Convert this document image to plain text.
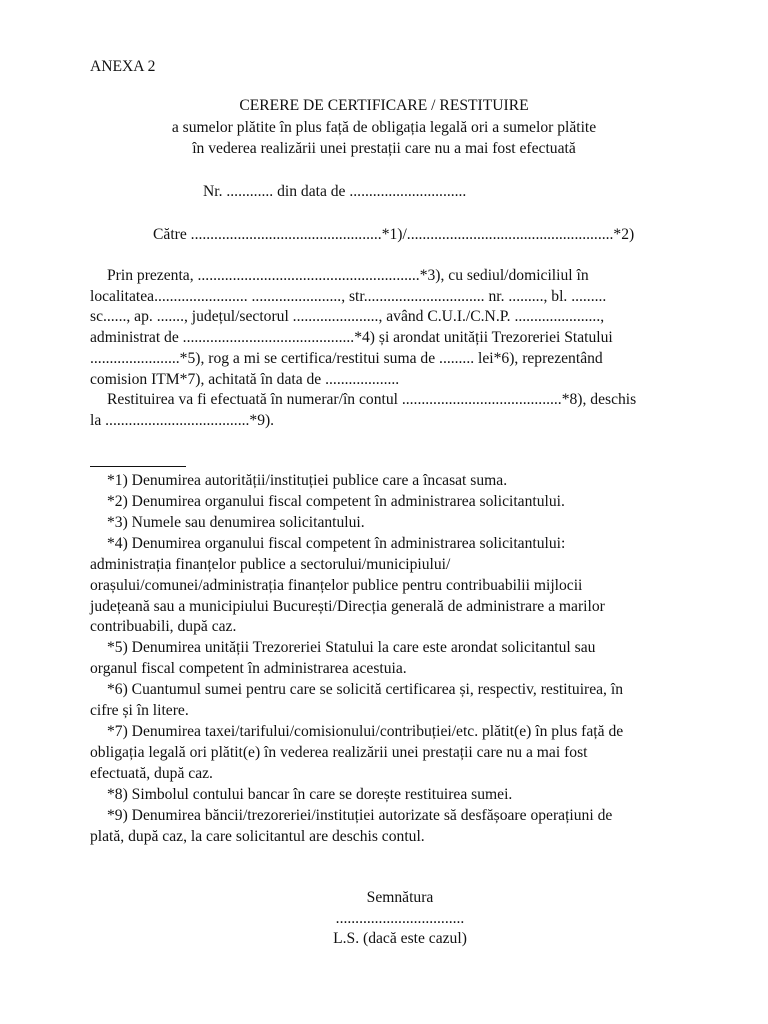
ANEXA 2
CERERE DE CERTIFICARE / RESTITUIRE
a sumelor plătite în plus față de obligația legală ori a sumelor plătite
în vederea realizării unei prestații care nu a mai fost efectuată
Nr. ............ din data de ..............................
Către .................................................*1)/.....................................................*2)
Prin prezenta, .........................................................*3), cu sediul/domiciliul în
localitatea........................ ......................., str............................... nr. ........., bl. .........
sc......, ap. ......., județul/sectorul ......................, având C.U.I./C.N.P. ......................,
administrat de ............................................*4) și arondat unității Trezoreriei Statului
.......................*5), rog a mi se certifica/restitui suma de ......... lei*6), reprezentând
comision ITM*7), achitată în data de ...................
Restituirea va fi efectuată în numerar/în contul .........................................*8), deschis
la .....................................*9).
*1) Denumirea autorității/instituției publice care a încasat suma.
*2) Denumirea organului fiscal competent în administrarea solicitantului.
*3) Numele sau denumirea solicitantului.
*4) Denumirea organului fiscal competent în administrarea solicitantului:
administrația finanțelor publice a sectorului/municipiului/
orașului/comunei/administrația finanțelor publice pentru contribuabilii mijlocii
județeană sau a municipiului București/Direcția generală de administrare a marilor
contribuabili, după caz.
*5) Denumirea unității Trezoreriei Statului la care este arondat solicitantul sau
organul fiscal competent în administrarea acestuia.
*6) Cuantumul sumei pentru care se solicită certificarea și, respectiv, restituirea, în
cifre și în litere.
*7) Denumirea taxei/tarifului/comisionului/contribuției/etc. plătit(e) în plus față de
obligația legală ori plătit(e) în vederea realizării unei prestații care nu a mai fost
efectuată, după caz.
*8) Simbolul contului bancar în care se dorește restituirea sumei.
*9) Denumirea băncii/trezoreriei/instituției autorizate să desfășoare operațiuni de
plată, după caz, la care solicitantul are deschis contul.
Semnătura
.................................
L.S. (dacă este cazul)
